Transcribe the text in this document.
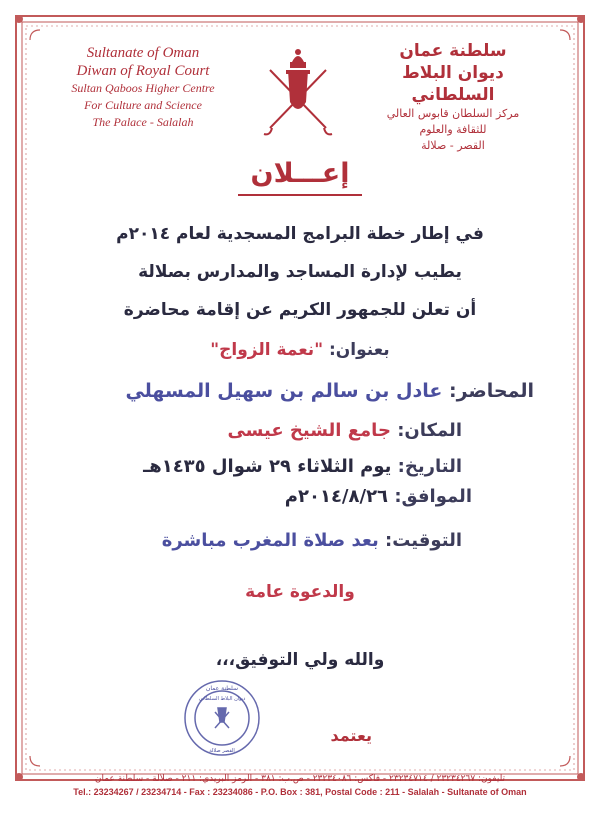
Sultanate of Oman
Diwan of Royal Court
Sultan Qaboos Higher Centre
For Culture and Science
The Palace - Salalah
سلطنة عمان
ديوان البلاط السلطاني
مركز السلطان قابوس العالي
للثقافة والعلوم
القصر - صلالة
إعـــلان
في إطار خطة البرامج المسجدية لعام ٢٠١٤م
يطيب لإدارة المساجد والمدارس بصلالة
أن تعلن للجمهور الكريم عن إقامة محاضرة
بعنوان: "نعمة الزواج"
المحاضر: عادل بن سالم بن سهيل المسهلي
المكان: جامع الشيخ عيسى
التاريخ: يوم الثلاثاء ٢٩ شوال ١٤٣٥هـ
الموافق: ٢٠١٤/٨/٢٦م
التوقيت: بعد صلاة المغرب مباشرة
والدعوة عامة
والله ولي التوفيق،،،
سلطنة عمان
ديوان البلاط السلطاني
القصر صلالة
يعتمد
تليفون: ٢٣٢٣٤٢٦٧ / ٢٣٢٣٤٧١٤ - فاكس: ٢٣٢٣٤٠٨٦ - ص.ب: ٣٨١ - الرمز البريدي: ٢١١ - صلالة - سلطنة عمان
Tel.: 23234267 / 23234714 - Fax : 23234086 - P.O. Box : 381, Postal Code : 211 - Salalah - Sultanate of Oman
